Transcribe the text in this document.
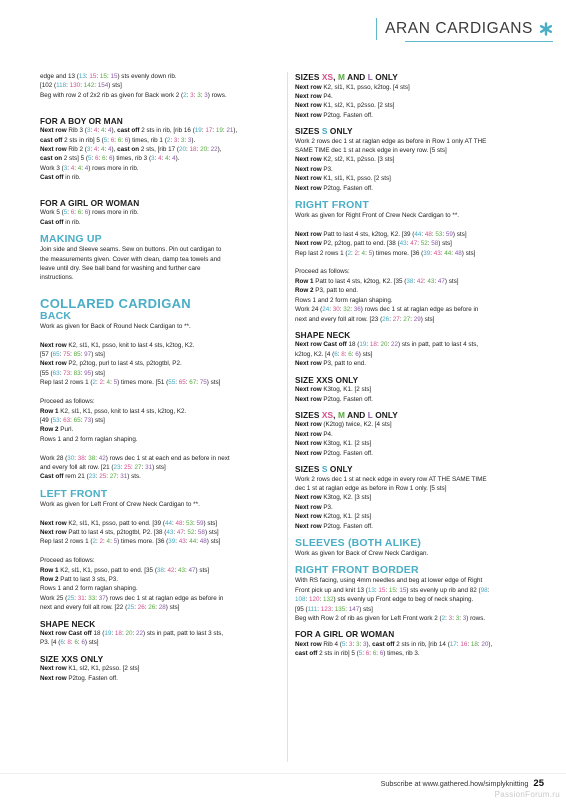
ARAN CARDIGANS
edge and 13 (13: 15: 15: 15) sts evenly down rib.
[102 (118: 130: 142: 154) sts]
Beg with row 2 of 2x2 rib as given for Back work 2 (2: 3: 3: 3) rows.
FOR A BOY OR MAN
Next row Rib 3 (3: 4: 4: 4), cast off 2 sts in rib, [rib 16 (19: 17: 19: 21),
cast off 2 sts in rib] 5 (5: 6: 6: 6) times, rib 1 (2: 3: 3: 3).
Next row Rib 2 (3: 4: 4: 4), cast on 2 sts, [rib 17 (20: 18: 20: 22),
cast on 2 sts] 5 (5: 6: 6: 6) times, rib 3 (3: 4: 4: 4).
Work 3 (3: 4: 4: 4) rows more in rib.
Cast off in rib.
FOR A GIRL OR WOMAN
Work 5 (5: 6: 6: 6) rows more in rib.
Cast off in rib.
MAKING UP
Join side and Sleeve seams. Sew on buttons. Pin out cardigan to
the measurements given. Cover with clean, damp tea towels and
leave until dry. See ball band for washing and further care
instructions.
COLLARED CARDIGAN
BACK
Work as given for Back of Round Neck Cardigan to **.
Next row K2, sl1, K1, psso, knit to last 4 sts, k2tog, K2.
[57 (65: 75: 85: 97) sts]
Next row P2, p2tog, purl to last 4 sts, p2togtbl, P2.
[55 (63: 73: 83: 95) sts]
Rep last 2 rows 1 (2: 2: 4: 5) times more. [51 (55: 65: 67: 75) sts]
Proceed as follows:
Row 1 K2, sl1, K1, psso, knit to last 4 sts, k2tog, K2.
[49 (53: 63: 65: 73) sts]
Row 2 Purl.
Rows 1 and 2 form raglan shaping.
Work 28 (30: 38: 38: 42) rows dec 1 st at each end as before in next
and every foll alt row. [21 (23: 25: 27: 31) sts]
Cast off rem 21 (23: 25: 27: 31) sts.
LEFT FRONT
Work as given for Left Front of Crew Neck Cardigan to **.
Next row K2, sl1, K1, psso, patt to end. [39 (44: 48: 53: 59) sts]
Next row Patt to last 4 sts, p2togtbl, P2. [38 (43: 47: 52: 58) sts]
Rep last 2 rows 1 (2: 2: 4: 5) times more. [36 (39: 43: 44: 48) sts]
Proceed as follows:
Row 1 K2, sl1, K1, psso, patt to end. [35 (38: 42: 43: 47) sts]
Row 2 Patt to last 3 sts, P3.
Rows 1 and 2 form raglan shaping.
Work 25 (25: 31: 33: 37) rows dec 1 st at raglan edge as before in
next and every foll alt row. [22 (25: 26: 26: 28) sts]
SHAPE NECK
Next row Cast off 18 (19: 18: 20: 22) sts in patt, patt to last 3 sts,
P3. [4 (6: 8: 6: 6) sts]
SIZE XXS ONLY
Next row K1, sl2, K1, p2sso. [2 sts]
Next row P2tog. Fasten off.
SIZES XS, M AND L ONLY
Next row K2, sl1, K1, psso, k2tog. [4 sts]
Next row P4.
Next row K1, sl2, K1, p2sso. [2 sts]
Next row P2tog. Fasten off.
SIZES S ONLY
Work 2 rows dec 1 st at raglan edge as before in Row 1 only AT THE
SAME TIME dec 1 st at neck edge in every row. [5 sts]
Next row K2, sl2, K1, p2sso. [3 sts]
Next row P3.
Next row K1, sl1, K1, psso. [2 sts]
Next row P2tog. Fasten off.
RIGHT FRONT
Work as given for Right Front of Crew Neck Cardigan to **.
Next row Patt to last 4 sts, k2tog, K2. [39 (44: 48: 53: 59) sts]
Next row P2, p2tog, patt to end. [38 (43: 47: 52: 58) sts]
Rep last 2 rows 1 (2: 2: 4: 5) times more. [36 (39: 43: 44: 48) sts]
Proceed as follows:
Row 1 Patt to last 4 sts, k2tog, K2. [35 (38: 42: 43: 47) sts]
Row 2 P3, patt to end.
Rows 1 and 2 form raglan shaping.
Work 24 (24: 30: 32: 36) rows dec 1 st at raglan edge as before in
next and every foll alt row. [23 (26: 27: 27: 29) sts]
SHAPE NECK
Next row Cast off 18 (19: 18: 20: 22) sts in patt, patt to last 4 sts,
k2tog, K2. [4 (6: 8: 6: 6) sts]
Next row P3, patt to end.
SIZE XXS ONLY
Next row K3tog, K1. [2 sts]
Next row P2tog. Fasten off.
SIZES XS, M AND L ONLY
Next row (K2tog) twice, K2. [4 sts]
Next row P4.
Next row K3tog, K1. [2 sts]
Next row P2tog. Fasten off.
SIZES S ONLY
Work 2 rows dec 1 st at neck edge in every row AT THE SAME TIME
dec 1 st at raglan edge as before in Row 1 only. [5 sts]
Next row K3tog, K2. [3 sts]
Next row P3.
Next row K2tog, K1. [2 sts]
Next row P2tog. Fasten off.
SLEEVES (BOTH ALIKE)
Work as given for Back of Crew Neck Cardigan.
RIGHT FRONT BORDER
With RS facing, using 4mm needles and beg at lower edge of Right
Front pick up and knit 13 (13: 15: 15: 15) sts evenly up rib and 82 (98:
108: 120: 132) sts evenly up Front edge to beg of neck shaping.
[95 (111: 123: 135: 147) sts]
Beg with Row 2 of rib as given for Left Front work 2 (2: 3: 3: 3) rows.
FOR A GIRL OR WOMAN
Next row Rib 4 (5: 3: 3: 3), cast off 2 sts in rib, [rib 14 (17: 16: 18: 20),
cast off 2 sts in rib] 5 (5: 6: 6: 6) times, rib 3.
Subscribe at www.gathered.how/simplyknitting 25
PassionForum.ru
